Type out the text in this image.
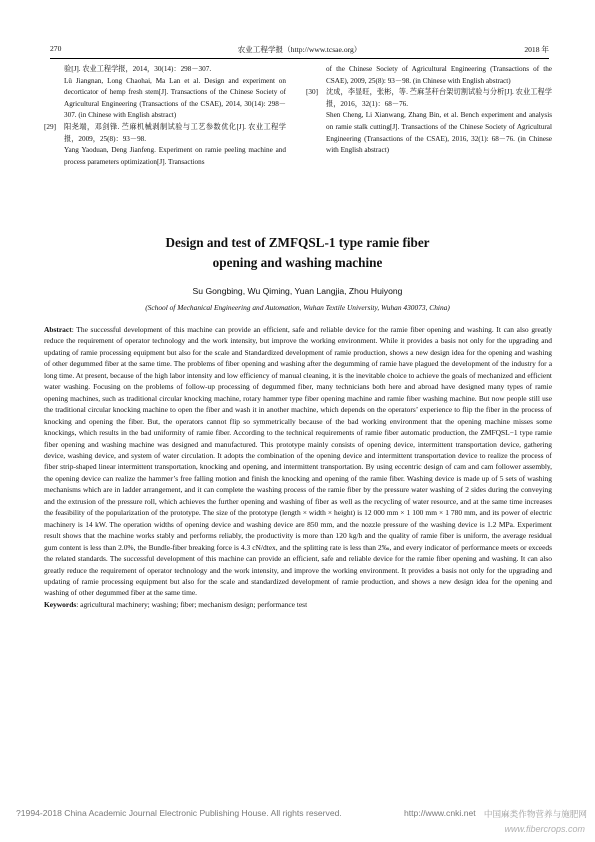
270	农业工程学报（http://www.tcsae.org）	2018 年

验[J]. 农业工程学报，2014，30(14)：298－307.

Lü Jiangnan, Long Chaohai, Ma Lan et al. Design and experiment on decorticator of hemp fresh stem[J]. Transactions of the Chinese Society of Agricultural Engineering (Transactions of the CSAE), 2014, 30(14): 298－307. (in Chinese with English abstract)

[29] 阳尧端，邓剑锋. 苎麻机械剥制试验与工艺参数优化[J]. 农业工程学报，2009，25(8)：93－98.

Yang Yaoduan, Deng Jianfeng. Experiment on ramie peeling machine and process parameters optimization[J]. Transactions

of the Chinese Society of Agricultural Engineering (Transactions of the CSAE), 2009, 25(8): 93－98. (in Chinese with English abstract)

[30] 沈成，李显旺，张彬，等. 苎麻茎秆台架切割试验与分析[J]. 农业工程学报，2016，32(1)：68－76.

Shen Cheng, Li Xianwang, Zhang Bin, et al. Bench experiment and analysis on ramie stalk cutting[J]. Transactions of the Chinese Society of Agricultural Engineering (Transactions of the CSAE), 2016, 32(1): 68－76. (in Chinese with English abstract)

Design and test of ZMFQSL-1 type ramie fiber
opening and washing machine
Su Gongbing, Wu Qiming, Yuan Langjia, Zhou Huiyong
(School of Mechanical Engineering and Automation, Wuhan Textile University, Wuhan 430073, China)

Abstract: The successful development of this machine can provide an efficient, safe and reliable device for the ramie fiber opening and washing. It can also greatly reduce the requirement of operator technology and the work intensity, but improve the working environment. While it provides a basis not only for the upgrading and updating of ramie processing equipment but also for the scale and Standardized development of ramie production, shows a new design idea for the opening and washing of other degummed fiber at the same time. The problems of fiber opening and washing after the degumming of ramie have plagued the development of the industry for a long time. At present, because of the high labor intensity and low efficiency of manual cleaning, it is the inevitable choice to achieve the goals of mechanized and efficient water washing. Focusing on the problems of follow-up processing of degummed fiber, many technicians both here and abroad have designed many types of ramie opening machines, such as traditional circular knocking machine, rotary hammer type fiber opening machine and ramie fiber washing machine. But now people still use the traditional circular knocking machine to open the fiber and wash it in another machine, which depends on the operators’ experience to flip the fiber in the process of knocking and opening the fiber. But, the operators cannot flip so symmetrically because of the bad working environment that the opening machine misses some knockings, which results in the bad uniformity of ramie fiber. According to the technical requirements of ramie fiber automatic production, the ZMFQSL−1 type ramie fiber opening and washing machine was designed and manufactured. This prototype mainly consists of opening device, intermittent transportation device, gathering device, washing device, and system of water circulation. It adopts the combination of the opening device and intermittent transportation device to realize the process of fiber strip-shaped linear intermittent transportation, knocking and opening, and intermittent transportation. By using eccentric design of cam and cam follower assembly, the opening device can realize the hammer’s free falling motion and finish the knocking and opening of the ramie fiber. Washing device is made up of 5 sets of washing mechanisms which are in ladder arrangement, and it can complete the washing process of the ramie fiber by the pressure water washing of 2 sides during the conveying and the extrusion of the pressure roll, which achieves the further opening and washing of fiber as well as the recycling of water resource, and at the same time increases the feasibility of the popularization of the prototype. The size of the prototype (length × width × height) is 12 000 mm × 1 100 mm × 1 780 mm, and its power of electric machinery is 14 kW. The operation widths of opening device and washing device are 850 mm, and the nozzle pressure of the washing device is 1.2 MPa. Experiment result shows that the machine works stably and performs reliably, the productivity is more than 120 kg/h and the quality of ramie fiber is uniform, the average residual gum content is less than 2.0%, the Bundle-fiber breaking force is 4.3 cN/dtex, and the splitting rate is less than 2‰, and every indicator of performance meets or exceeds the related standards. The successful development of this machine can provide an efficient, safe and reliable device for the ramie fiber opening and washing. It can also greatly reduce the requirement of operator technology and the work intensity, and improve the working environment. It provides a basis not only for the upgrading and updating of ramie processing equipment but also for the scale and standardized development of ramie production, and shows a new design idea for the opening and washing of other degummed fiber at the same time.

Keywords: agricultural machinery; washing; fiber; mechanism design; performance test

?1994-2018 China Academic Journal Electronic Publishing House. All rights reserved.	http://www.cnki.net 中国麻类作物营养与施肥网
www.fibercrops.com
